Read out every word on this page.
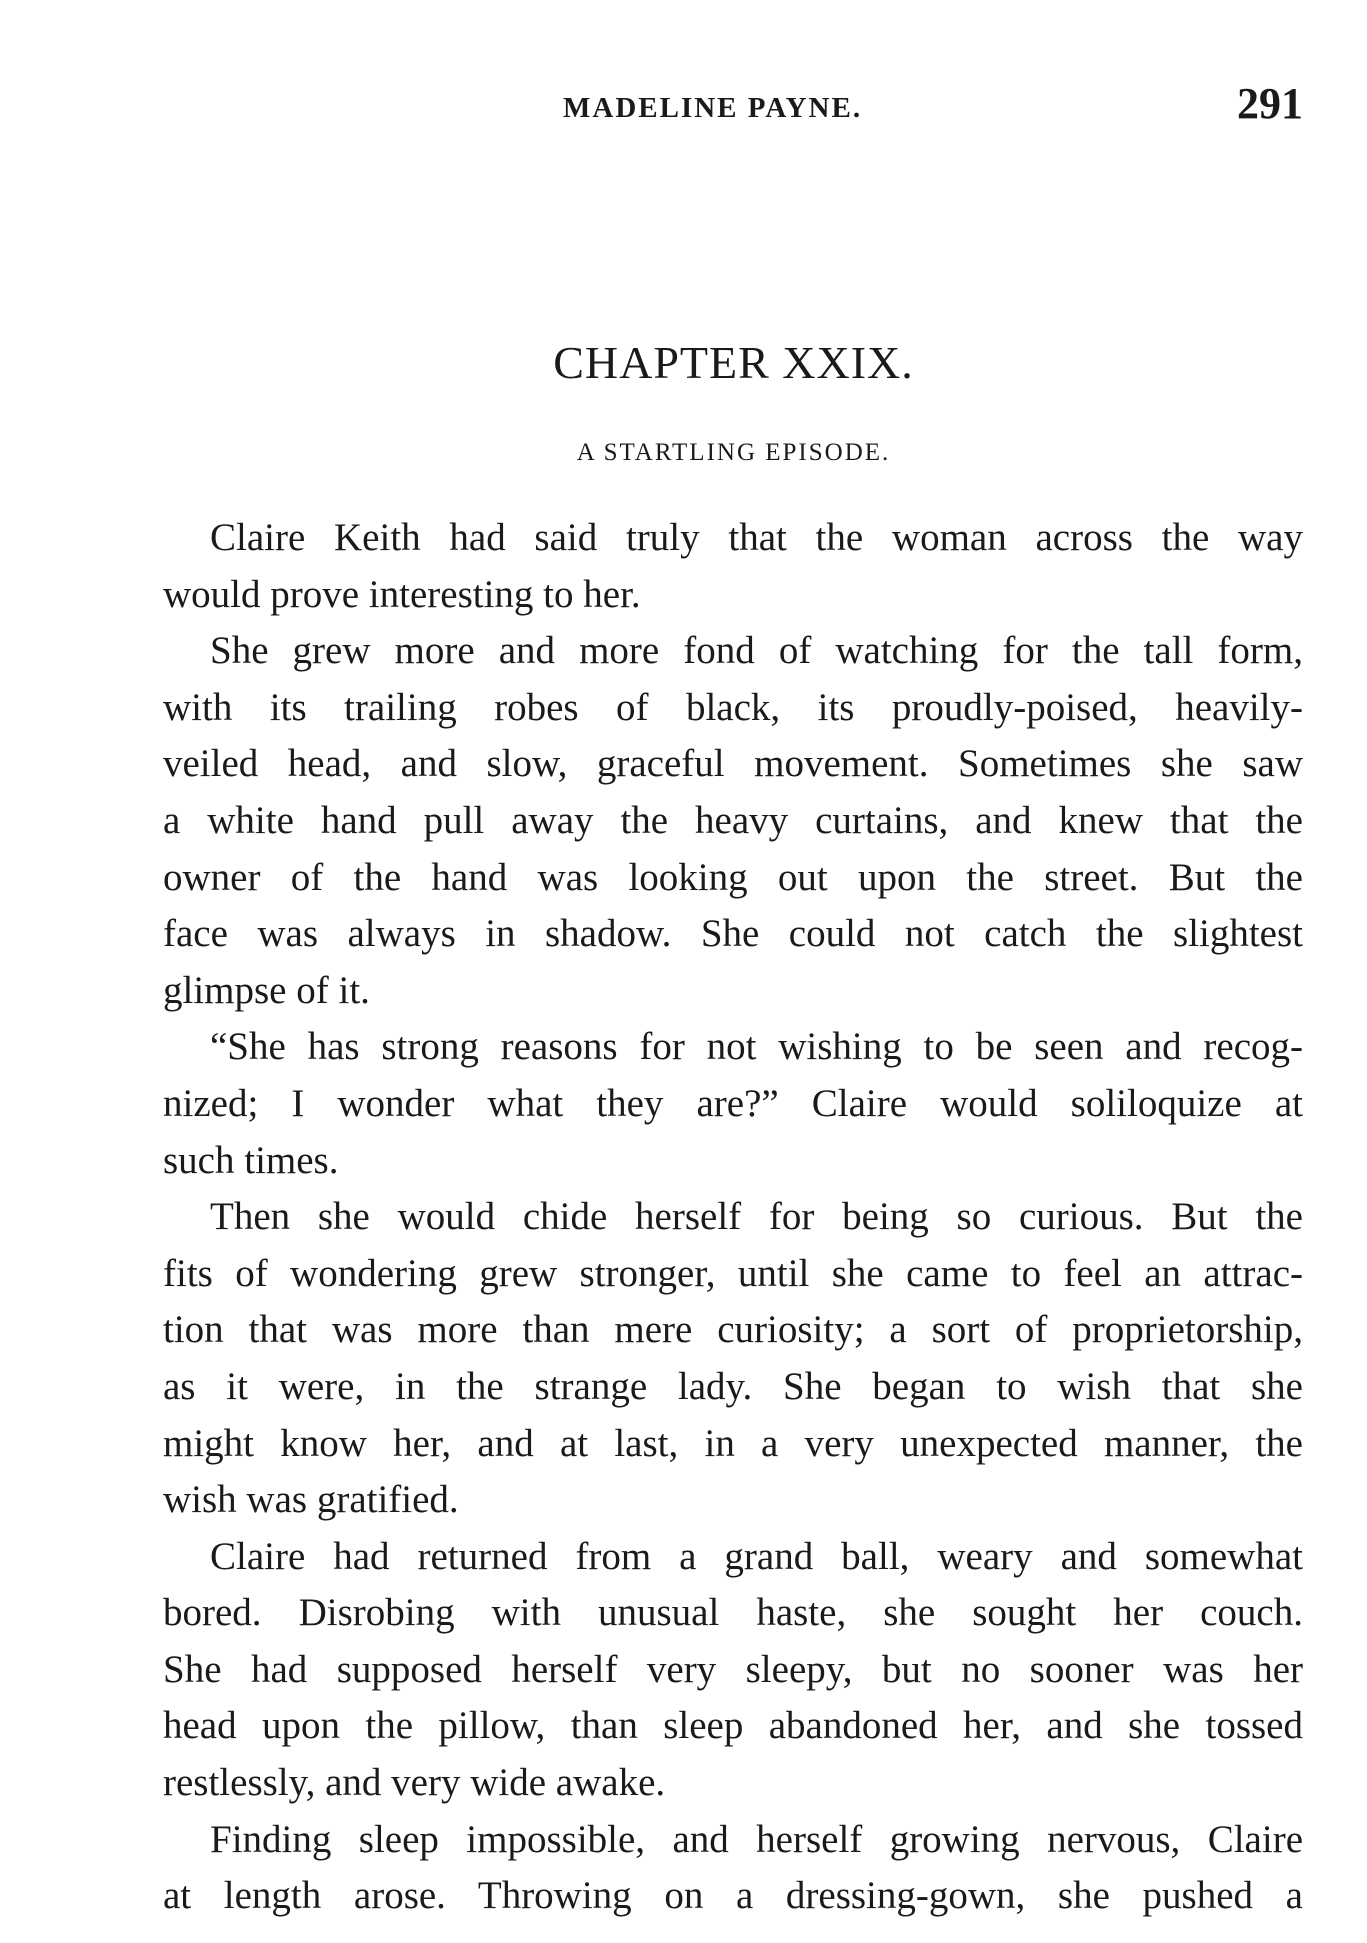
MADELINE PAYNE.	291
CHAPTER XXIX.
A STARTLING EPISODE.
Claire Keith had said truly that the woman across the way
would prove interesting to her.
She grew more and more fond of watching for the tall form,
with its trailing robes of black, its proudly-poised, heavily-
veiled head, and slow, graceful movement. Sometimes she saw
a white hand pull away the heavy curtains, and knew that the
owner of the hand was looking out upon the street. But the
face was always in shadow. She could not catch the slightest
glimpse of it.
“She has strong reasons for not wishing to be seen and recog-
nized; I wonder what they are?” Claire would soliloquize at
such times.
Then she would chide herself for being so curious. But the
fits of wondering grew stronger, until she came to feel an attrac-
tion that was more than mere curiosity; a sort of proprietorship,
as it were, in the strange lady. She began to wish that she
might know her, and at last, in a very unexpected manner, the
wish was gratified.
Claire had returned from a grand ball, weary and somewhat
bored. Disrobing with unusual haste, she sought her couch.
She had supposed herself very sleepy, but no sooner was her
head upon the pillow, than sleep abandoned her, and she tossed
restlessly, and very wide awake.
Finding sleep impossible, and herself growing nervous, Claire
at length arose. Throwing on a dressing-gown, she pushed a
